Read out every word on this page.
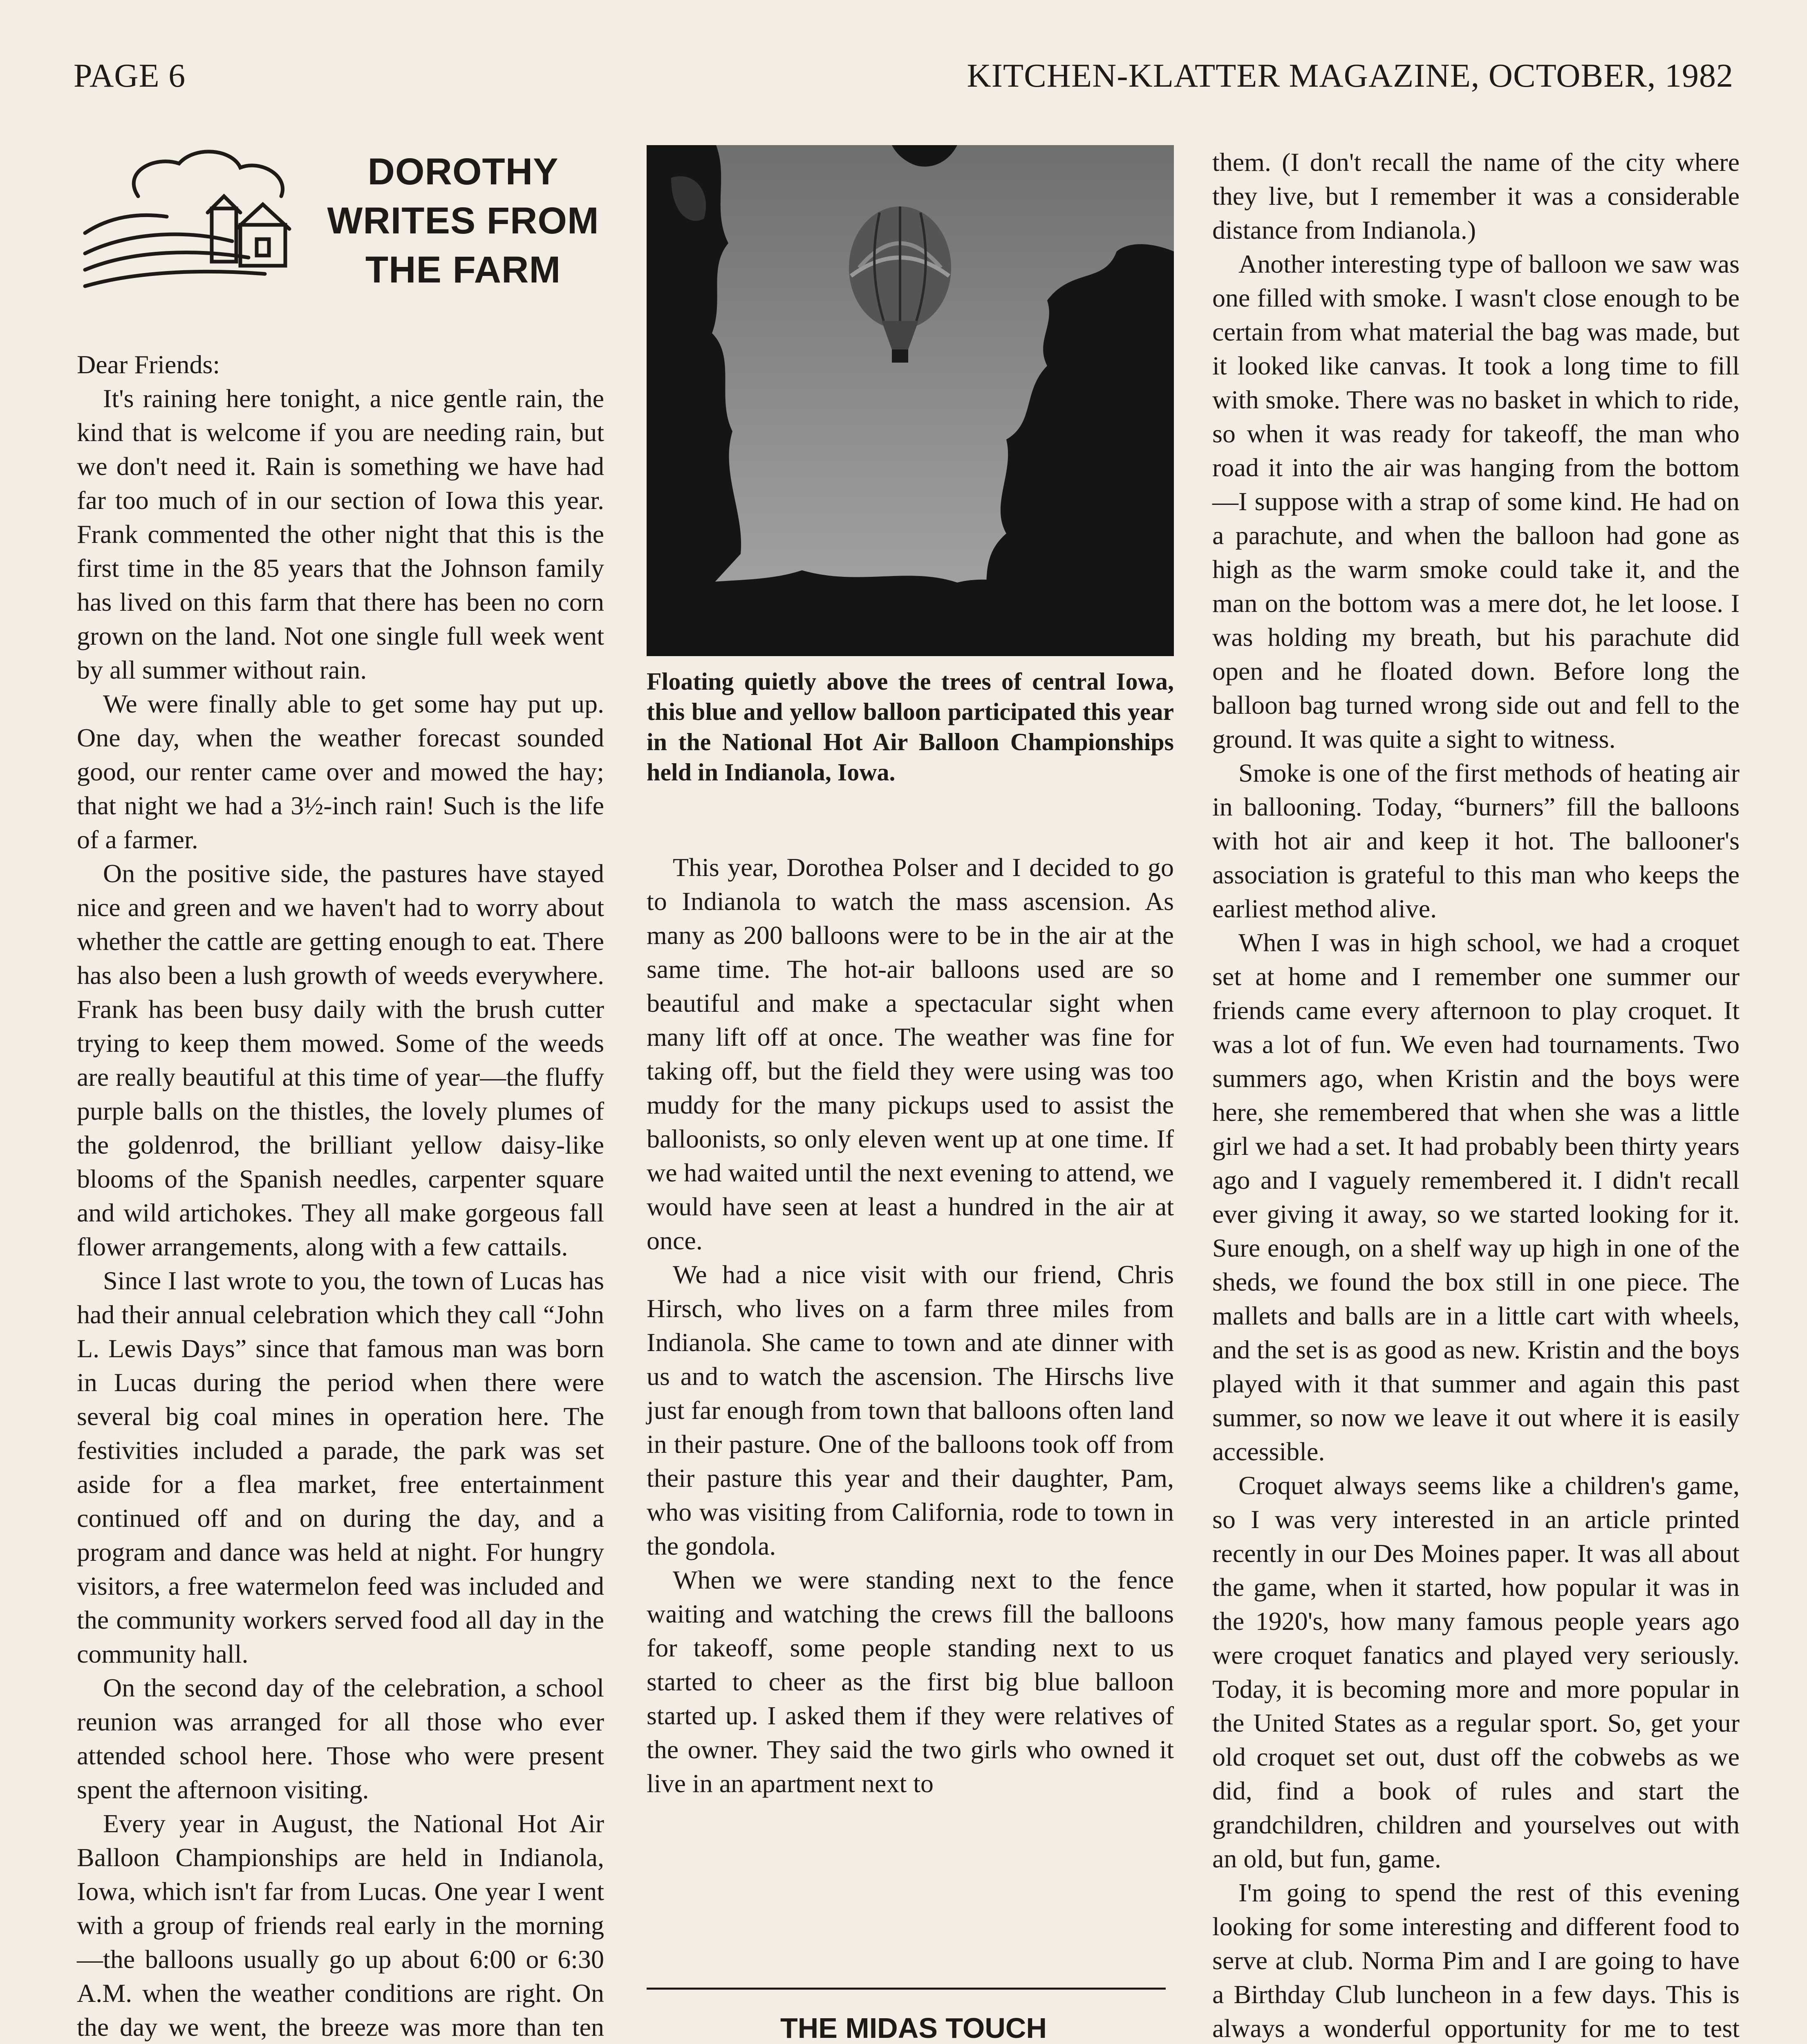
PAGE 6	KITCHEN-KLATTER MAGAZINE, OCTOBER, 1982
DOROTHY
WRITES FROM
THE FARM

Dear Friends:

It's raining here tonight, a nice gentle rain, the kind that is welcome if you are needing rain, but we don't need it. Rain is something we have had far too much of in our section of Iowa this year. Frank commented the other night that this is the first time in the 85 years that the Johnson family has lived on this farm that there has been no corn grown on the land. Not one single full week went by all summer without rain.

We were finally able to get some hay put up. One day, when the weather forecast sounded good, our renter came over and mowed the hay; that night we had a 3½-inch rain! Such is the life of a farmer.

On the positive side, the pastures have stayed nice and green and we haven't had to worry about whether the cattle are getting enough to eat. There has also been a lush growth of weeds everywhere. Frank has been busy daily with the brush cutter trying to keep them mowed. Some of the weeds are really beautiful at this time of year—the fluffy purple balls on the thistles, the lovely plumes of the goldenrod, the brilliant yellow daisy-like blooms of the Spanish needles, carpenter square and wild artichokes. They all make gorgeous fall flower arrangements, along with a few cattails.

Since I last wrote to you, the town of Lucas has had their annual celebration which they call “John L. Lewis Days” since that famous man was born in Lucas during the period when there were several big coal mines in operation here. The festivities included a parade, the park was set aside for a flea market, free entertainment continued off and on during the day, and a program and dance was held at night. For hungry visitors, a free watermelon feed was included and the community workers served food all day in the community hall.

On the second day of the celebration, a school reunion was arranged for all those who ever attended school here. Those who were present spent the afternoon visiting.

Every year in August, the National Hot Air Balloon Championships are held in Indianola, Iowa, which isn't far from Lucas. One year I went with a group of friends real early in the morning—the balloons usually go up about 6:00 or 6:30 A.M. when the weather conditions are right. On the day we went, the breeze was more than ten

Floating quietly above the trees of central Iowa, this blue and yellow balloon participated this year in the National Hot Air Balloon Championships held in Indianola, Iowa.

This year, Dorothea Polser and I decided to go to Indianola to watch the mass ascension. As many as 200 balloons were to be in the air at the same time. The hot-air balloons used are so beautiful and make a spectacular sight when many lift off at once. The weather was fine for taking off, but the field they were using was too muddy for the many pickups used to assist the balloonists, so only eleven went up at one time. If we had waited until the next evening to attend, we would have seen at least a hundred in the air at once.

We had a nice visit with our friend, Chris Hirsch, who lives on a farm three miles from Indianola. She came to town and ate dinner with us and to watch the ascension. The Hirschs live just far enough from town that balloons often land in their pasture. One of the balloons took off from their pasture this year and their daughter, Pam, who was visiting from California, rode to town in the gondola.

When we were standing next to the fence waiting and watching the crews fill the balloons for takeoff, some people standing next to us started to cheer as the first big blue balloon started up. I asked them if they were relatives of the owner. They said the two girls who owned it live in an apartment next to

THE MIDAS TOUCH

them. (I don't recall the name of the city where they live, but I remember it was a considerable distance from Indianola.)

Another interesting type of balloon we saw was one filled with smoke. I wasn't close enough to be certain from what material the bag was made, but it looked like canvas. It took a long time to fill with smoke. There was no basket in which to ride, so when it was ready for takeoff, the man who road it into the air was hanging from the bottom—I suppose with a strap of some kind. He had on a parachute, and when the balloon had gone as high as the warm smoke could take it, and the man on the bottom was a mere dot, he let loose. I was holding my breath, but his parachute did open and he floated down. Before long the balloon bag turned wrong side out and fell to the ground. It was quite a sight to witness.

Smoke is one of the first methods of heating air in ballooning. Today, “burners” fill the balloons with hot air and keep it hot. The ballooner's association is grateful to this man who keeps the earliest method alive.

When I was in high school, we had a croquet set at home and I remember one summer our friends came every afternoon to play croquet. It was a lot of fun. We even had tournaments. Two summers ago, when Kristin and the boys were here, she remembered that when she was a little girl we had a set. It had probably been thirty years ago and I vaguely remembered it. I didn't recall ever giving it away, so we started looking for it. Sure enough, on a shelf way up high in one of the sheds, we found the box still in one piece. The mallets and balls are in a little cart with wheels, and the set is as good as new. Kristin and the boys played with it that summer and again this past summer, so now we leave it out where it is easily accessible.

Croquet always seems like a children's game, so I was very interested in an article printed recently in our Des Moines paper. It was all about the game, when it started, how popular it was in the 1920's, how many famous people years ago were croquet fanatics and played very seriously. Today, it is becoming more and more popular in the United States as a regular sport. So, get your old croquet set out, dust off the cobwebs as we did, find a book of rules and start the grandchildren, children and yourselves out with an old, but fun, game.

I'm going to spend the rest of this evening looking for some interesting and different food to serve at club. Norma Pim and I are going to have a Birthday Club luncheon in a few days. This is always a wonderful opportunity for me to test
